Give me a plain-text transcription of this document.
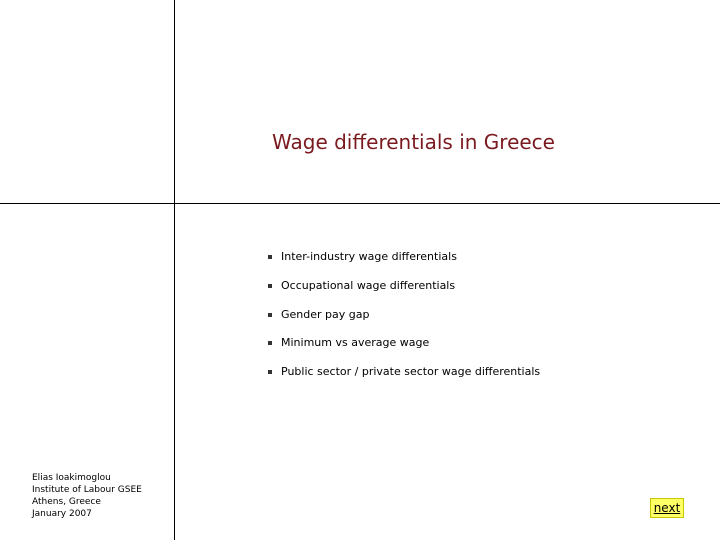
Wage differentials in Greece
Inter-industry wage differentials
Occupational wage differentials
Gender pay gap
Minimum vs average wage
Public sector / private sector wage differentials
Elias Ioakimoglou
Institute of Labour GSEE
Athens, Greece
January 2007	next
